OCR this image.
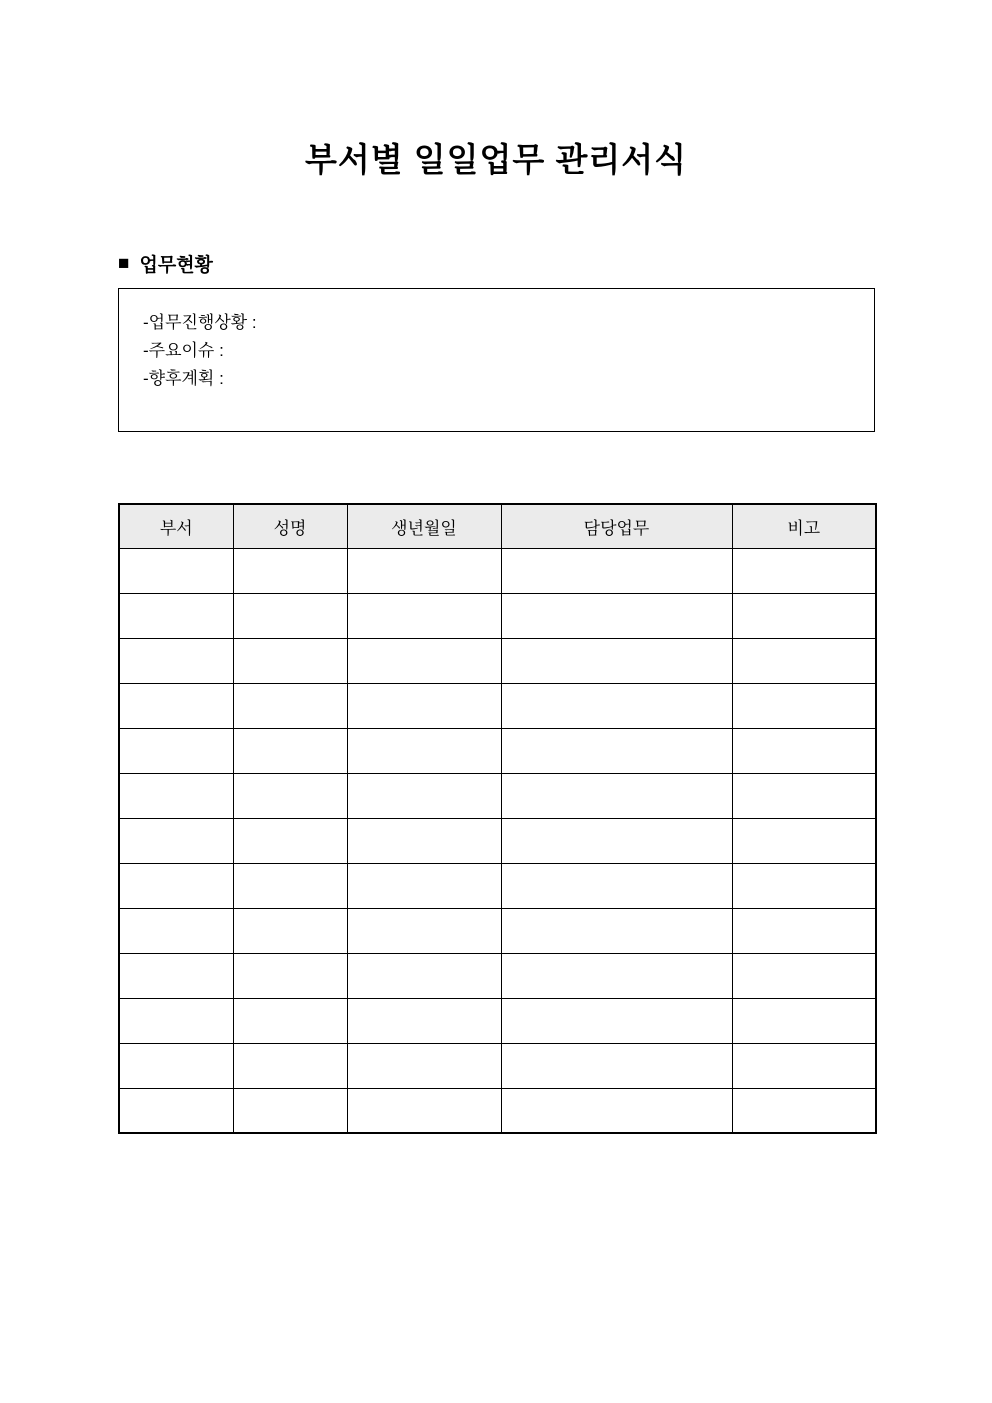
부서별 일일업무 관리서식
■ 업무현황
-업무진행상황 :
-주요이슈 :
-향후계획 :
부서	성명	생년월일	담당업무	비고
